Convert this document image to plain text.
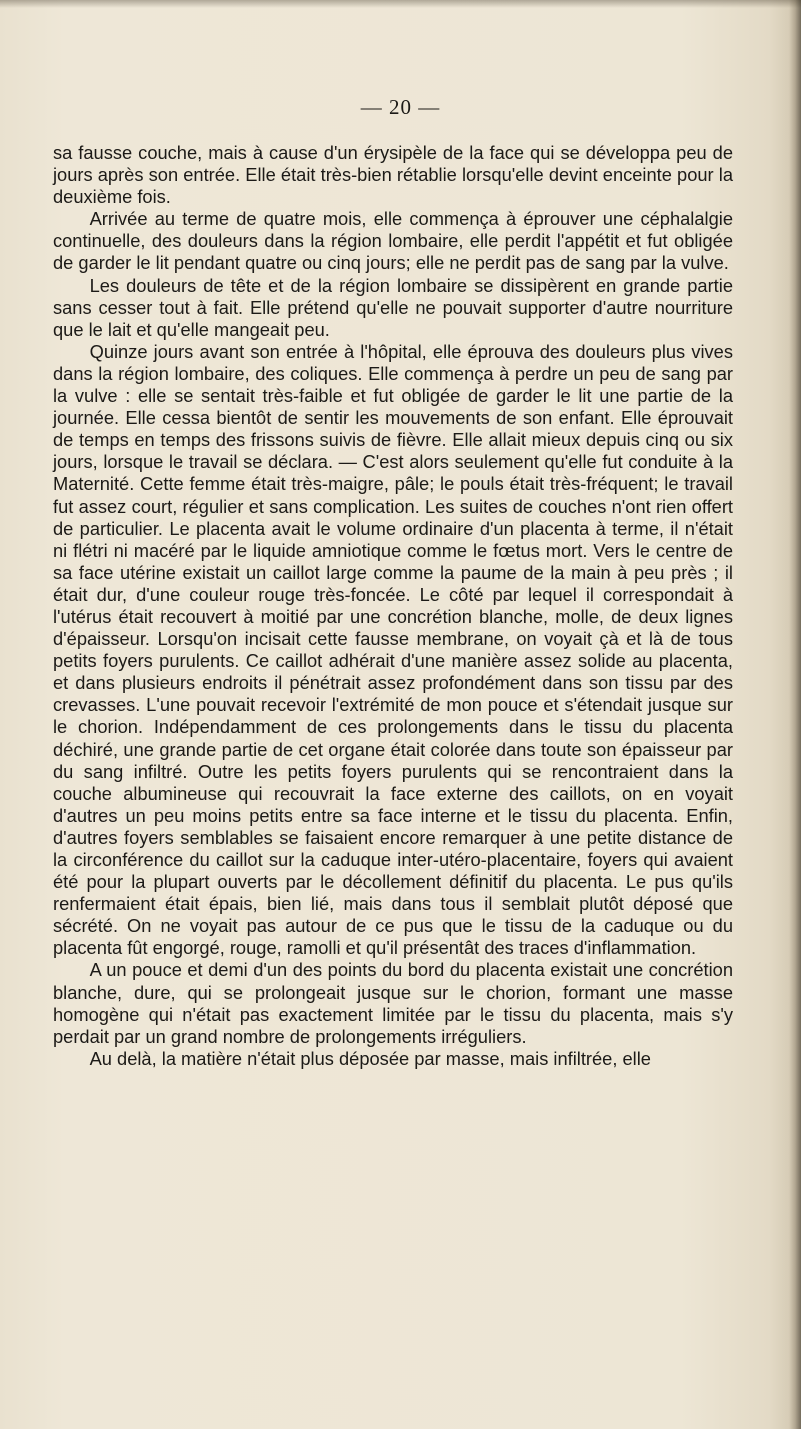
— 20 —

sa fausse couche, mais à cause d'un érysipèle de la face qui se développa peu de jours après son entrée. Elle était très-bien rétablie lorsqu'elle devint enceinte pour la deuxième fois.

Arrivée au terme de quatre mois, elle commença à éprouver une céphalalgie continuelle, des douleurs dans la région lombaire, elle perdit l'appétit et fut obligée de garder le lit pendant quatre ou cinq jours; elle ne perdit pas de sang par la vulve.

Les douleurs de tête et de la région lombaire se dissipèrent en grande partie sans cesser tout à fait. Elle prétend qu'elle ne pouvait supporter d'autre nourriture que le lait et qu'elle mangeait peu.

Quinze jours avant son entrée à l'hôpital, elle éprouva des douleurs plus vives dans la région lombaire, des coliques. Elle commença à perdre un peu de sang par la vulve : elle se sentait très-faible et fut obligée de garder le lit une partie de la journée. Elle cessa bientôt de sentir les mouvements de son enfant. Elle éprouvait de temps en temps des frissons suivis de fièvre. Elle allait mieux depuis cinq ou six jours, lorsque le travail se déclara. — C'est alors seulement qu'elle fut conduite à la Maternité. Cette femme était très-maigre, pâle; le pouls était très-fréquent; le travail fut assez court, régulier et sans complication. Les suites de couches n'ont rien offert de particulier. Le placenta avait le volume ordinaire d'un placenta à terme, il n'était ni flétri ni macéré par le liquide amniotique comme le fœtus mort. Vers le centre de sa face utérine existait un caillot large comme la paume de la main à peu près ; il était dur, d'une couleur rouge très-foncée. Le côté par lequel il correspondait à l'utérus était recouvert à moitié par une concrétion blanche, molle, de deux lignes d'épaisseur. Lorsqu'on incisait cette fausse membrane, on voyait çà et là de tous petits foyers purulents. Ce caillot adhérait d'une manière assez solide au placenta, et dans plusieurs endroits il pénétrait assez profondément dans son tissu par des crevasses. L'une pouvait recevoir l'extrémité de mon pouce et s'étendait jusque sur le chorion. Indépendamment de ces prolongements dans le tissu du placenta déchiré, une grande partie de cet organe était colorée dans toute son épaisseur par du sang infiltré. Outre les petits foyers purulents qui se rencontraient dans la couche albumineuse qui recouvrait la face externe des caillots, on en voyait d'autres un peu moins petits entre sa face interne et le tissu du placenta. Enfin, d'autres foyers semblables se faisaient encore remarquer à une petite distance de la circonférence du caillot sur la caduque inter-utéro-placentaire, foyers qui avaient été pour la plupart ouverts par le décollement définitif du placenta. Le pus qu'ils renfermaient était épais, bien lié, mais dans tous il semblait plutôt déposé que sécrété. On ne voyait pas autour de ce pus que le tissu de la caduque ou du placenta fût engorgé, rouge, ramolli et qu'il présentât des traces d'inflammation.

A un pouce et demi d'un des points du bord du placenta existait une concrétion blanche, dure, qui se prolongeait jusque sur le chorion, formant une masse homogène qui n'était pas exactement limitée par le tissu du placenta, mais s'y perdait par un grand nombre de prolongements irréguliers.

Au delà, la matière n'était plus déposée par masse, mais infiltrée, elle
